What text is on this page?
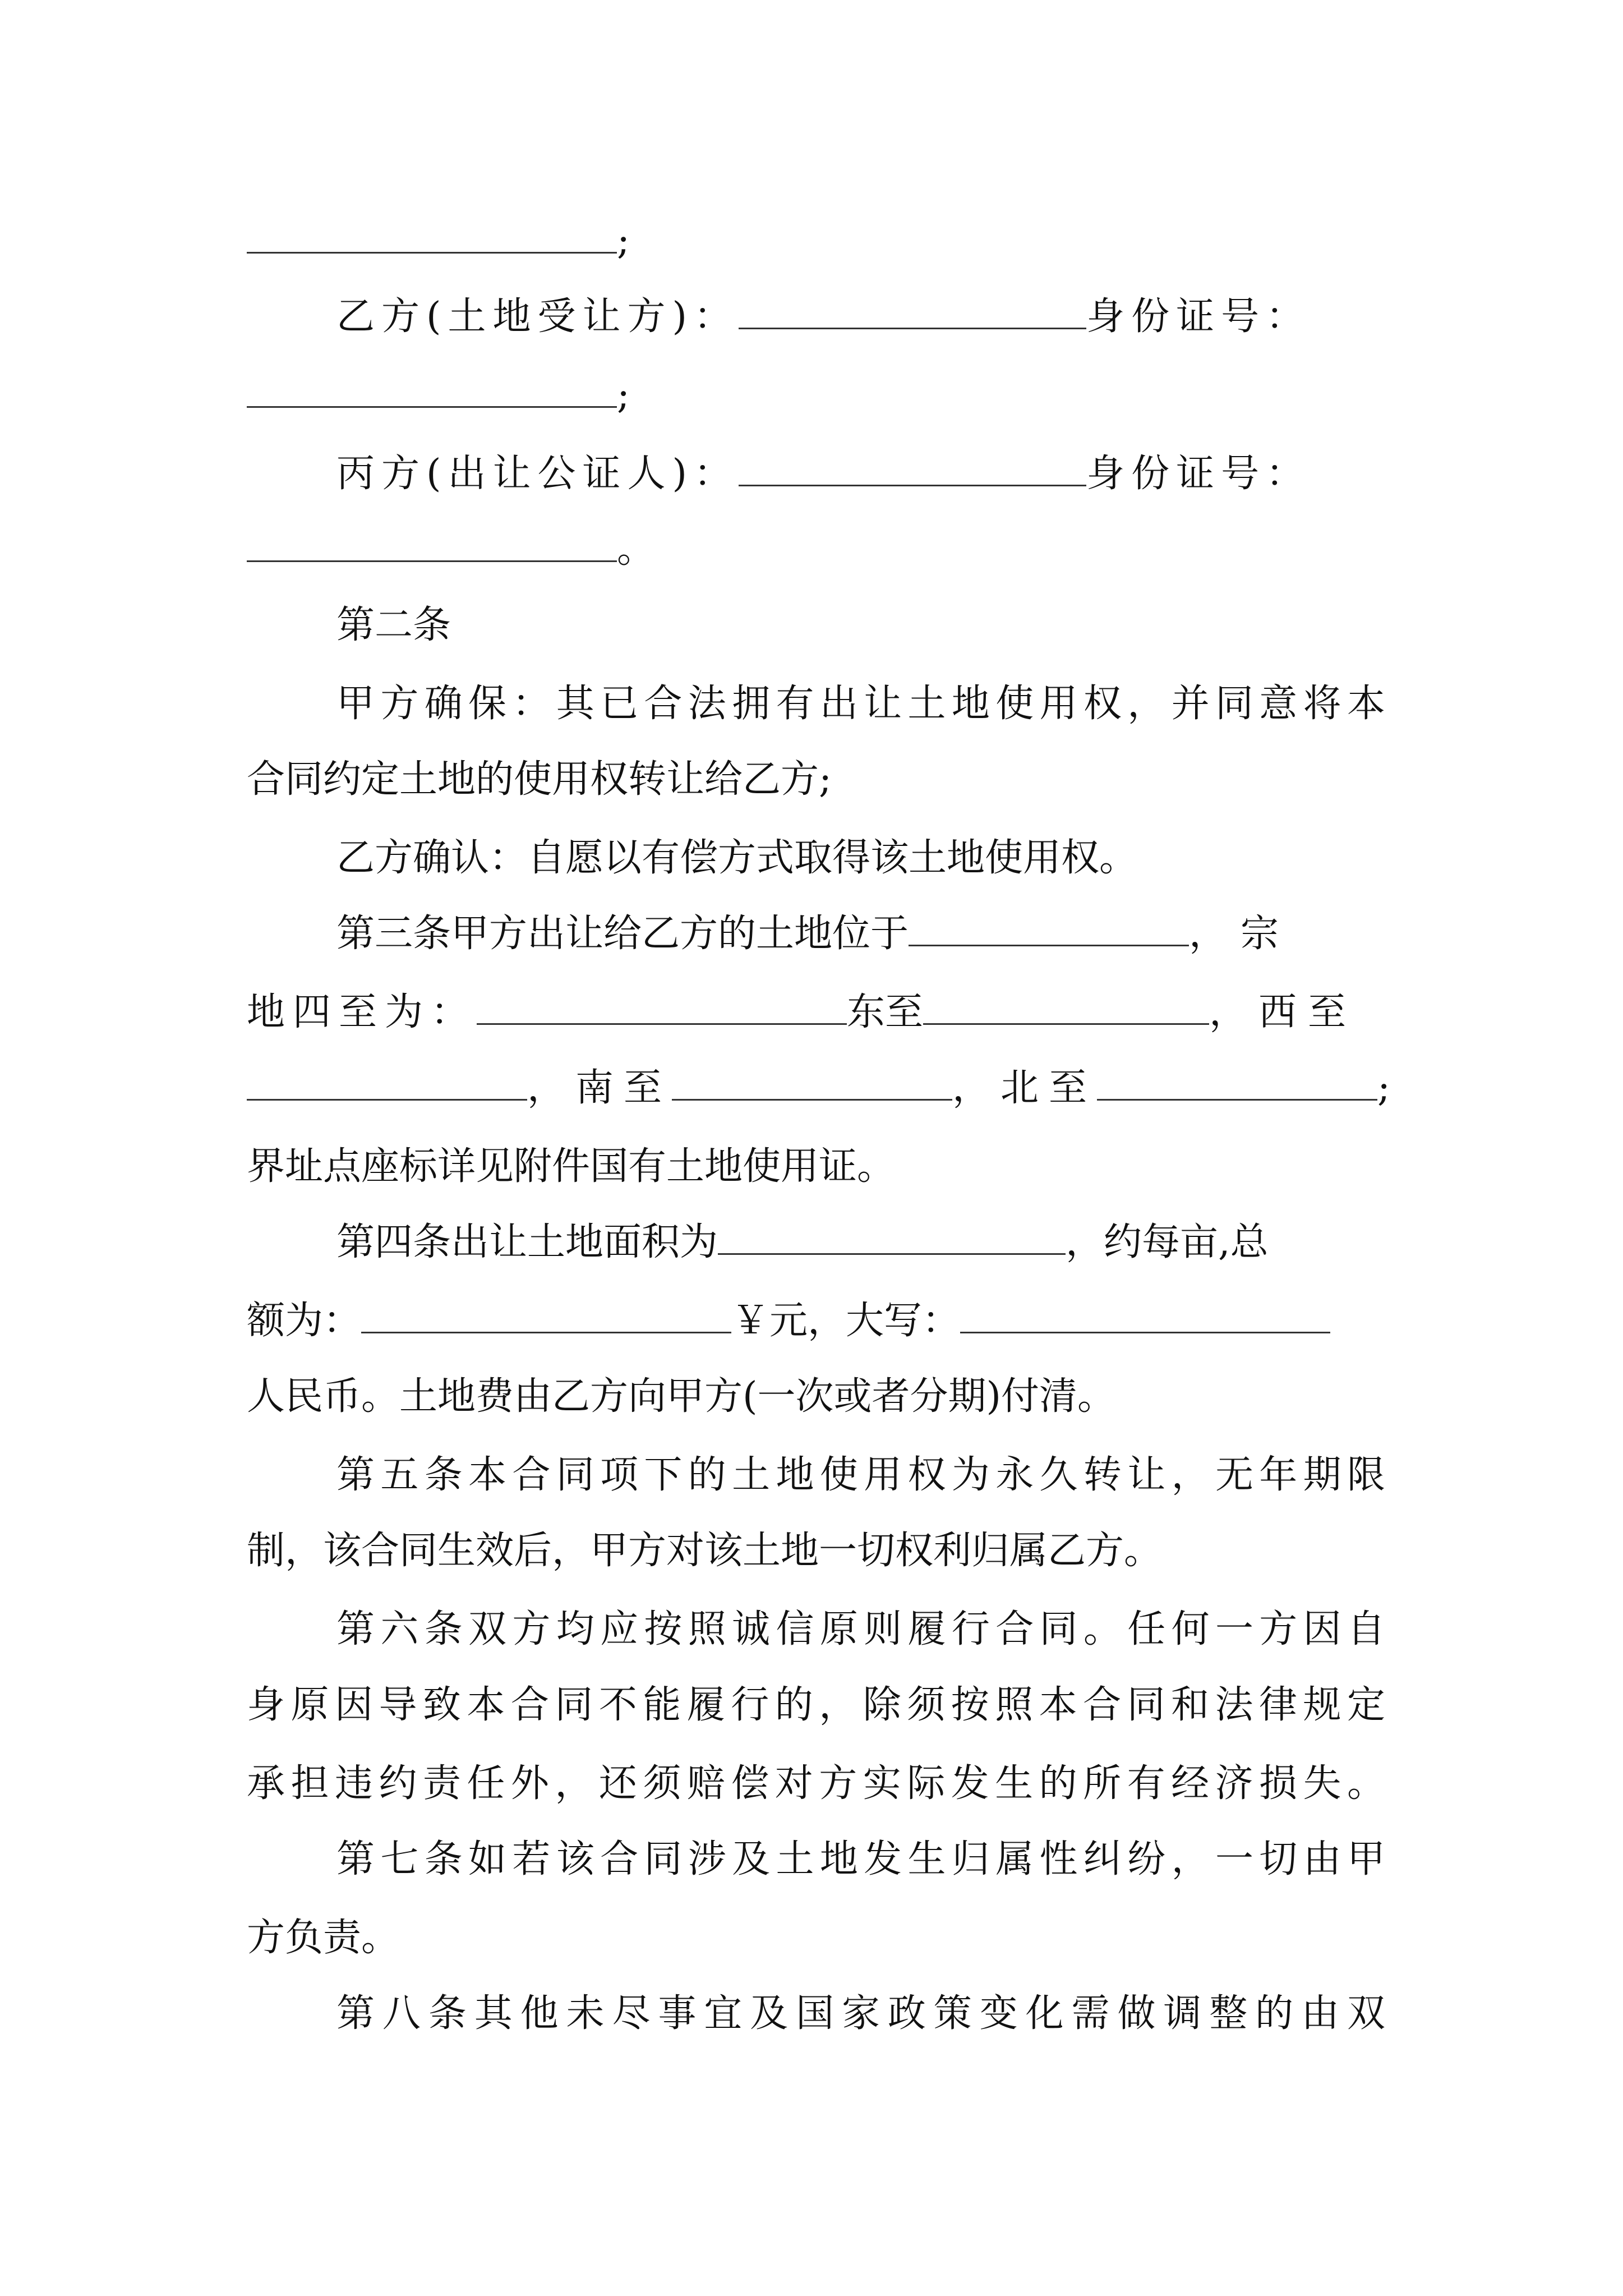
;
乙方(土地受让方)：	身份证号：
;
丙方(出让公证人)：	身份证号：
。
第二条
甲方确保：其已合法拥有出让土地使用权，并同意将本
合同约定土地的使用权转让给乙方;
乙方确认：自愿以有偿方式取得该土地使用权。
第三条甲方出让给乙方的土地位于	，宗
地四至为：	东至	，西至
，南至	，北至	;
界址点座标详见附件国有土地使用证。
第四条出让土地面积为	，约每亩,总
额为：	￥元，大写：
人民币。土地费由乙方向甲方(一次或者分期)付清。
第五条本合同项下的土地使用权为永久转让，无年期限
制，该合同生效后，甲方对该土地一切权利归属乙方。
第六条双方均应按照诚信原则履行合同。任何一方因自
身原因导致本合同不能履行的，除须按照本合同和法律规定
承担违约责任外，还须赔偿对方实际发生的所有经济损失。
第七条如若该合同涉及土地发生归属性纠纷，一切由甲
方负责。
第八条其他未尽事宜及国家政策变化需做调整的由双
